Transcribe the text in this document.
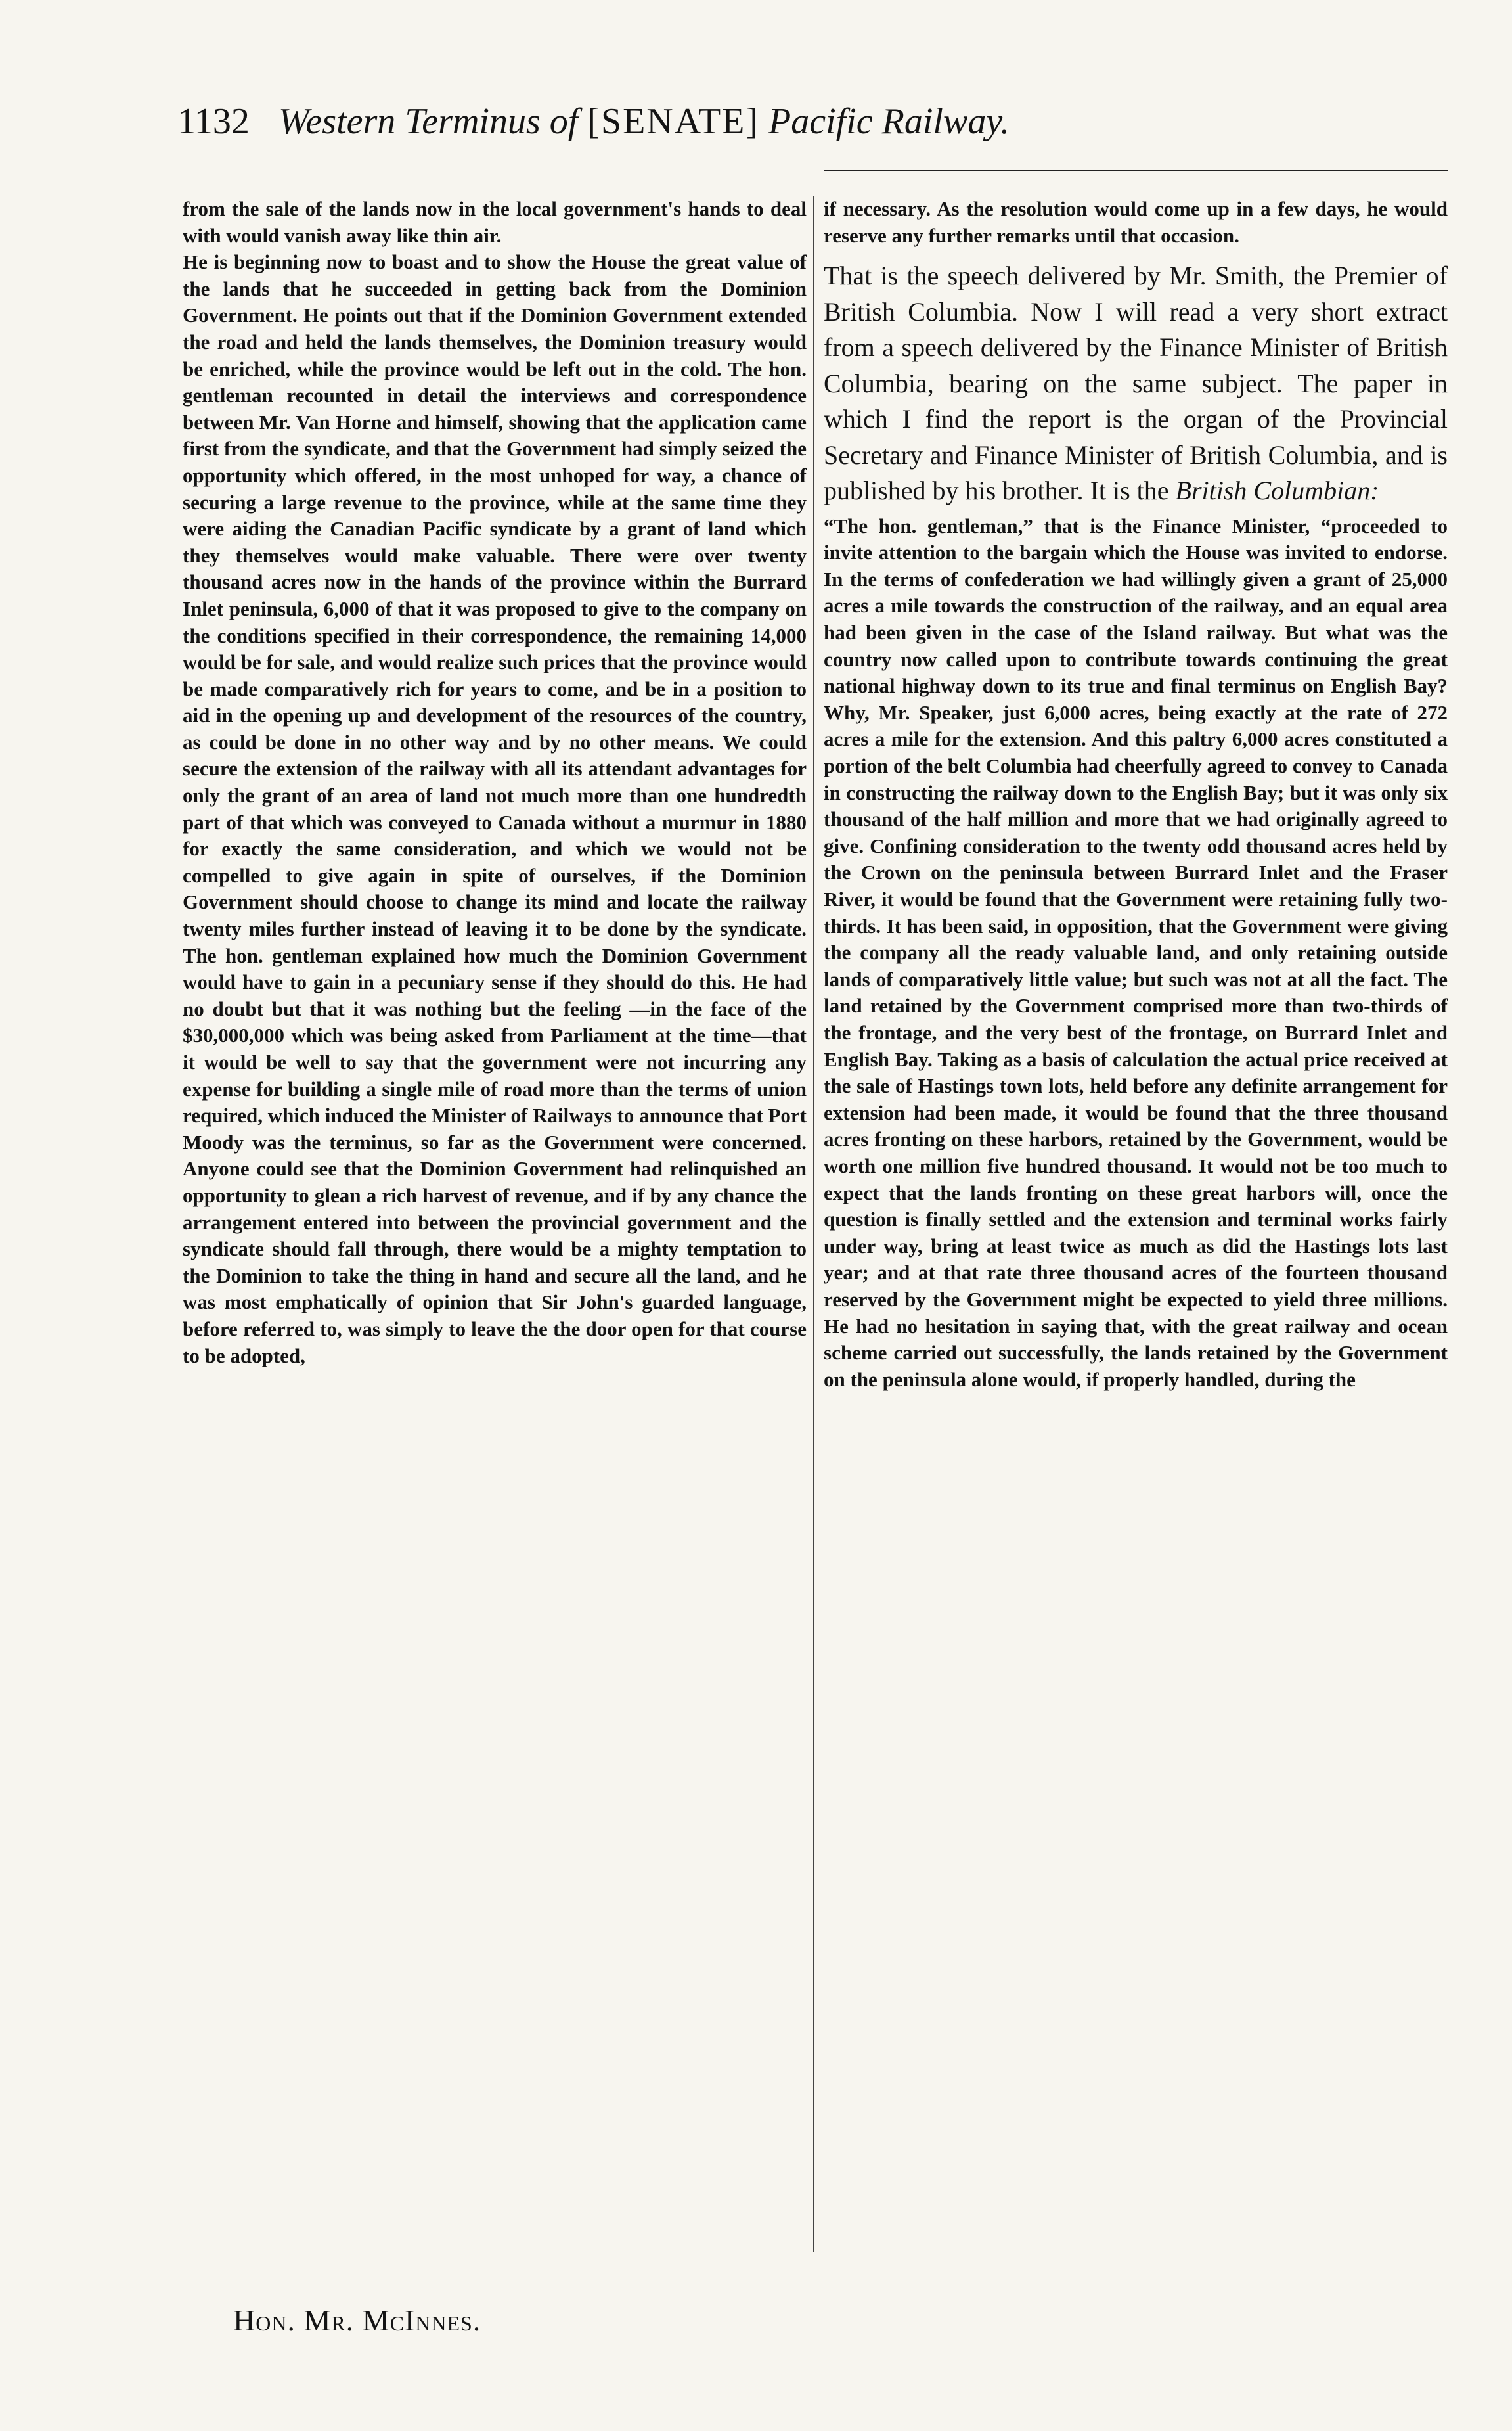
1132 Western Terminus of [SENATE] Pacific Railway.

from the sale of the lands now in the local government's hands to deal with would vanish away like thin air.

He is beginning now to boast and to show the House the great value of the lands that he succeeded in getting back from the Dominion Government. He points out that if the Dominion Government extended the road and held the lands themselves, the Dominion treasury would be enriched, while the province would be left out in the cold. The hon. gentleman recounted in detail the interviews and correspondence between Mr. Van Horne and himself, showing that the application came first from the syndicate, and that the Government had simply seized the opportunity which offered, in the most unhoped for way, a chance of securing a large revenue to the province, while at the same time they were aiding the Canadian Pacific syndicate by a grant of land which they themselves would make valuable. There were over twenty thousand acres now in the hands of the province within the Burrard Inlet peninsula, 6,000 of that it was proposed to give to the company on the conditions specified in their correspondence, the remaining 14,000 would be for sale, and would realize such prices that the province would be made comparatively rich for years to come, and be in a position to aid in the opening up and development of the resources of the country, as could be done in no other way and by no other means. We could secure the extension of the railway with all its attendant advantages for only the grant of an area of land not much more than one hundredth part of that which was conveyed to Canada without a murmur in 1880 for exactly the same consideration, and which we would not be compelled to give again in spite of ourselves, if the Dominion Government should choose to change its mind and locate the railway twenty miles further instead of leaving it to be done by the syndicate. The hon. gentleman explained how much the Dominion Government would have to gain in a pecuniary sense if they should do this. He had no doubt but that it was nothing but the feeling —in the face of the $30,000,000 which was being asked from Parliament at the time—that it would be well to say that the government were not incurring any expense for building a single mile of road more than the terms of union required, which induced the Minister of Railways to announce that Port Moody was the terminus, so far as the Government were concerned. Anyone could see that the Dominion Government had relinquished an opportunity to glean a rich harvest of revenue, and if by any chance the arrangement entered into between the provincial government and the syndicate should fall through, there would be a mighty temptation to the Dominion to take the thing in hand and secure all the land, and he was most emphatically of opinion that Sir John's guarded language, before referred to, was simply to leave the the door open for that course to be adopted,

if necessary. As the resolution would come up in a few days, he would reserve any further remarks until that occasion.

That is the speech delivered by Mr. Smith, the Premier of British Columbia. Now I will read a very short extract from a speech delivered by the Finance Minister of British Columbia, bearing on the same subject. The paper in which I find the report is the organ of the Provincial Secretary and Finance Minister of British Columbia, and is published by his brother. It is the British Columbian:

“The hon. gentleman,” that is the Finance Minister, “proceeded to invite attention to the bargain which the House was invited to endorse. In the terms of confederation we had willingly given a grant of 25,000 acres a mile towards the construction of the railway, and an equal area had been given in the case of the Island railway. But what was the country now called upon to contribute towards continuing the great national highway down to its true and final terminus on English Bay? Why, Mr. Speaker, just 6,000 acres, being exactly at the rate of 272 acres a mile for the extension. And this paltry 6,000 acres constituted a portion of the belt Columbia had cheerfully agreed to convey to Canada in constructing the railway down to the English Bay; but it was only six thousand of the half million and more that we had originally agreed to give. Confining consideration to the twenty odd thousand acres held by the Crown on the peninsula between Burrard Inlet and the Fraser River, it would be found that the Government were retaining fully two-thirds. It has been said, in opposition, that the Government were giving the company all the ready valuable land, and only retaining outside lands of comparatively little value; but such was not at all the fact. The land retained by the Government comprised more than two-thirds of the frontage, and the very best of the frontage, on Burrard Inlet and English Bay. Taking as a basis of calculation the actual price received at the sale of Hastings town lots, held before any definite arrangement for extension had been made, it would be found that the three thousand acres fronting on these harbors, retained by the Government, would be worth one million five hundred thousand. It would not be too much to expect that the lands fronting on these great harbors will, once the question is finally settled and the extension and terminal works fairly under way, bring at least twice as much as did the Hastings lots last year; and at that rate three thousand acres of the fourteen thousand reserved by the Government might be expected to yield three millions. He had no hesitation in saying that, with the great railway and ocean scheme carried out successfully, the lands retained by the Government on the peninsula alone would, if properly handled, during the

Hon. Mr. McInnes.
